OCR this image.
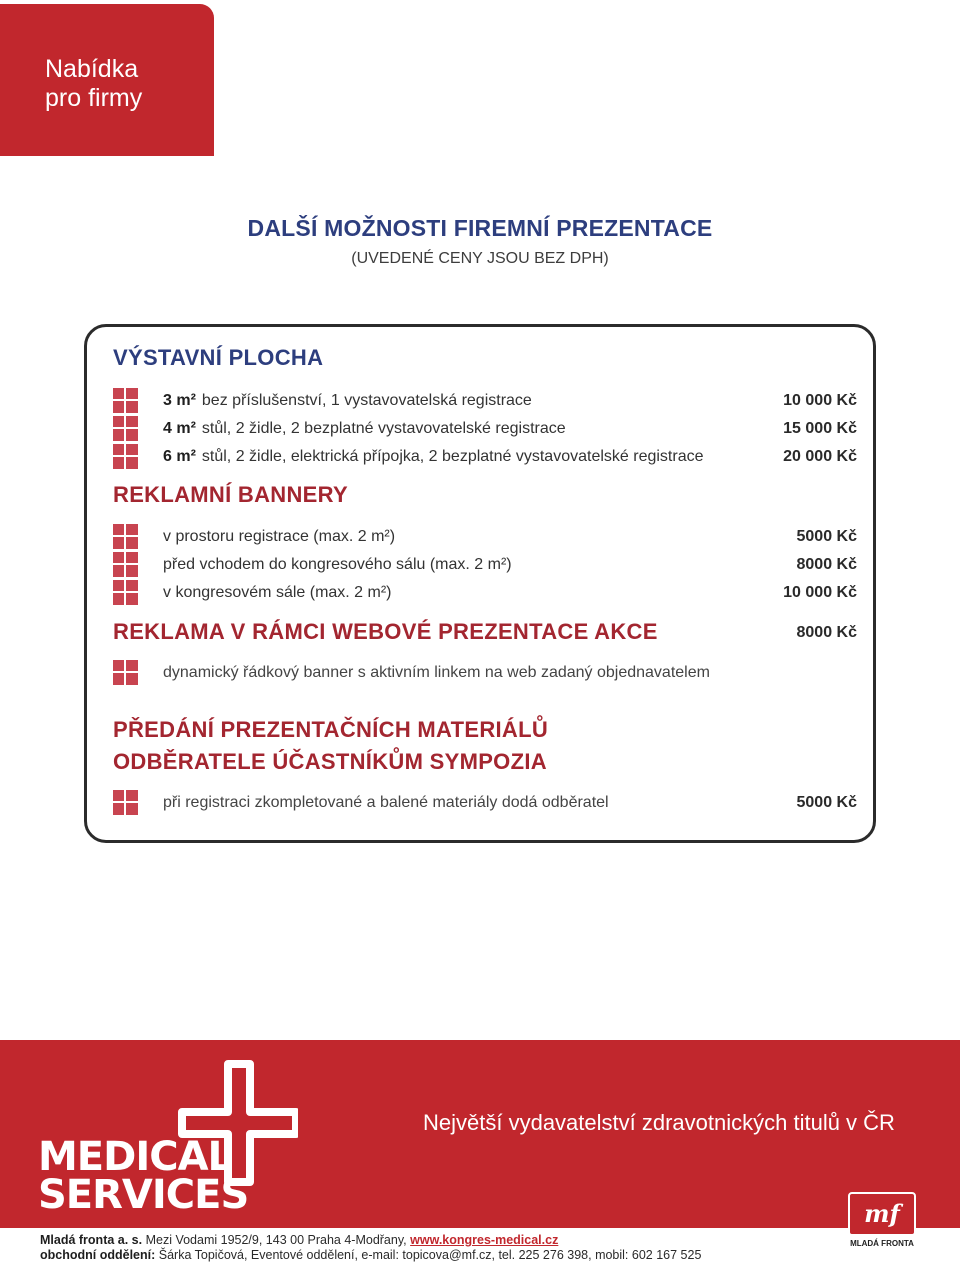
Nabídka
pro firmy
DALŠÍ MOŽNOSTI FIREMNÍ PREZENTACE
(UVEDENÉ CENY JSOU BEZ DPH)
VÝSTAVNÍ PLOCHA
3 m² bez příslušenství, 1 vystavovatelská registrace	10 000 Kč
4 m² stůl, 2 židle, 2 bezplatné vystavovatelské registrace	15 000 Kč
6 m² stůl, 2 židle, elektrická přípojka, 2 bezplatné vystavovatelské registrace	20 000 Kč
REKLAMNÍ BANNERY
v prostoru registrace (max. 2 m²)	5000 Kč
před vchodem do kongresového sálu (max. 2 m²)	8000 Kč
v kongresovém sále (max. 2 m²)	10 000 Kč
REKLAMA V RÁMCI WEBOVÉ PREZENTACE AKCE	8000 Kč
dynamický řádkový banner s aktivním linkem na web zadaný objednavatelem
PŘEDÁNÍ PREZENTAČNÍCH MATERIÁLŮ
ODBĚRATELE ÚČASTNÍKŮM SYMPOZIA
při registraci zkompletované a balené materiály dodá odběratel	5000 Kč
MEDICAL
SERVICES
Největší vydavatelství zdravotnických titulů v ČR
Mladá fronta a. s. Mezi Vodami 1952/9, 143 00 Praha 4-Modřany, www.kongres-medical.cz
obchodní oddělení: Šárka Topičová, Eventové oddělení, e-mail: topicova@mf.cz, tel. 225 276 398, mobil: 602 167 525
mf
MLADÁ FRONTA
